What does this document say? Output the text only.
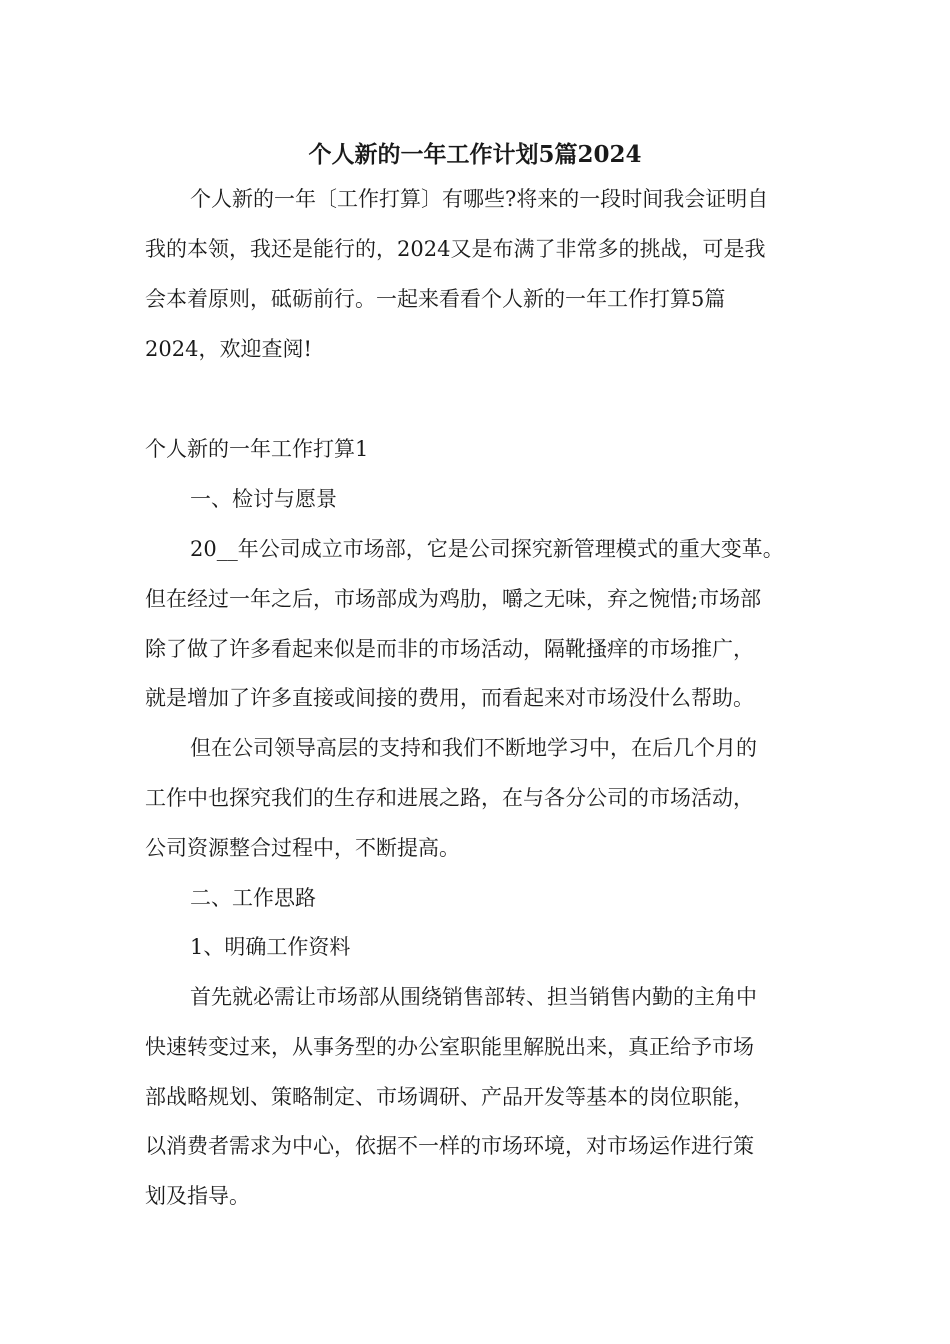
个人新的一年工作计划5篇2024
个人新的一年〔工作打算〕有哪些?将来的一段时间我会证明自
我的本领，我还是能行的，2024又是布满了非常多的挑战，可是我
会本着原则，砥砺前行。一起来看看个人新的一年工作打算5篇
2024，欢迎查阅!
个人新的一年工作打算1
一、检讨与愿景
20__年公司成立市场部，它是公司探究新管理模式的重大变革。
但在经过一年之后，市场部成为鸡肋，嚼之无味，弃之惋惜;市场部
除了做了许多看起来似是而非的市场活动，隔靴搔痒的市场推广，
就是增加了许多直接或间接的费用，而看起来对市场没什么帮助。
但在公司领导高层的支持和我们不断地学习中，在后几个月的
工作中也探究我们的生存和进展之路，在与各分公司的市场活动，
公司资源整合过程中，不断提高。
二、工作思路
1、明确工作资料
首先就必需让市场部从围绕销售部转、担当销售内勤的主角中
快速转变过来，从事务型的办公室职能里解脱出来，真正给予市场
部战略规划、策略制定、市场调研、产品开发等基本的岗位职能，
以消费者需求为中心，依据不一样的市场环境，对市场运作进行策
划及指导。
